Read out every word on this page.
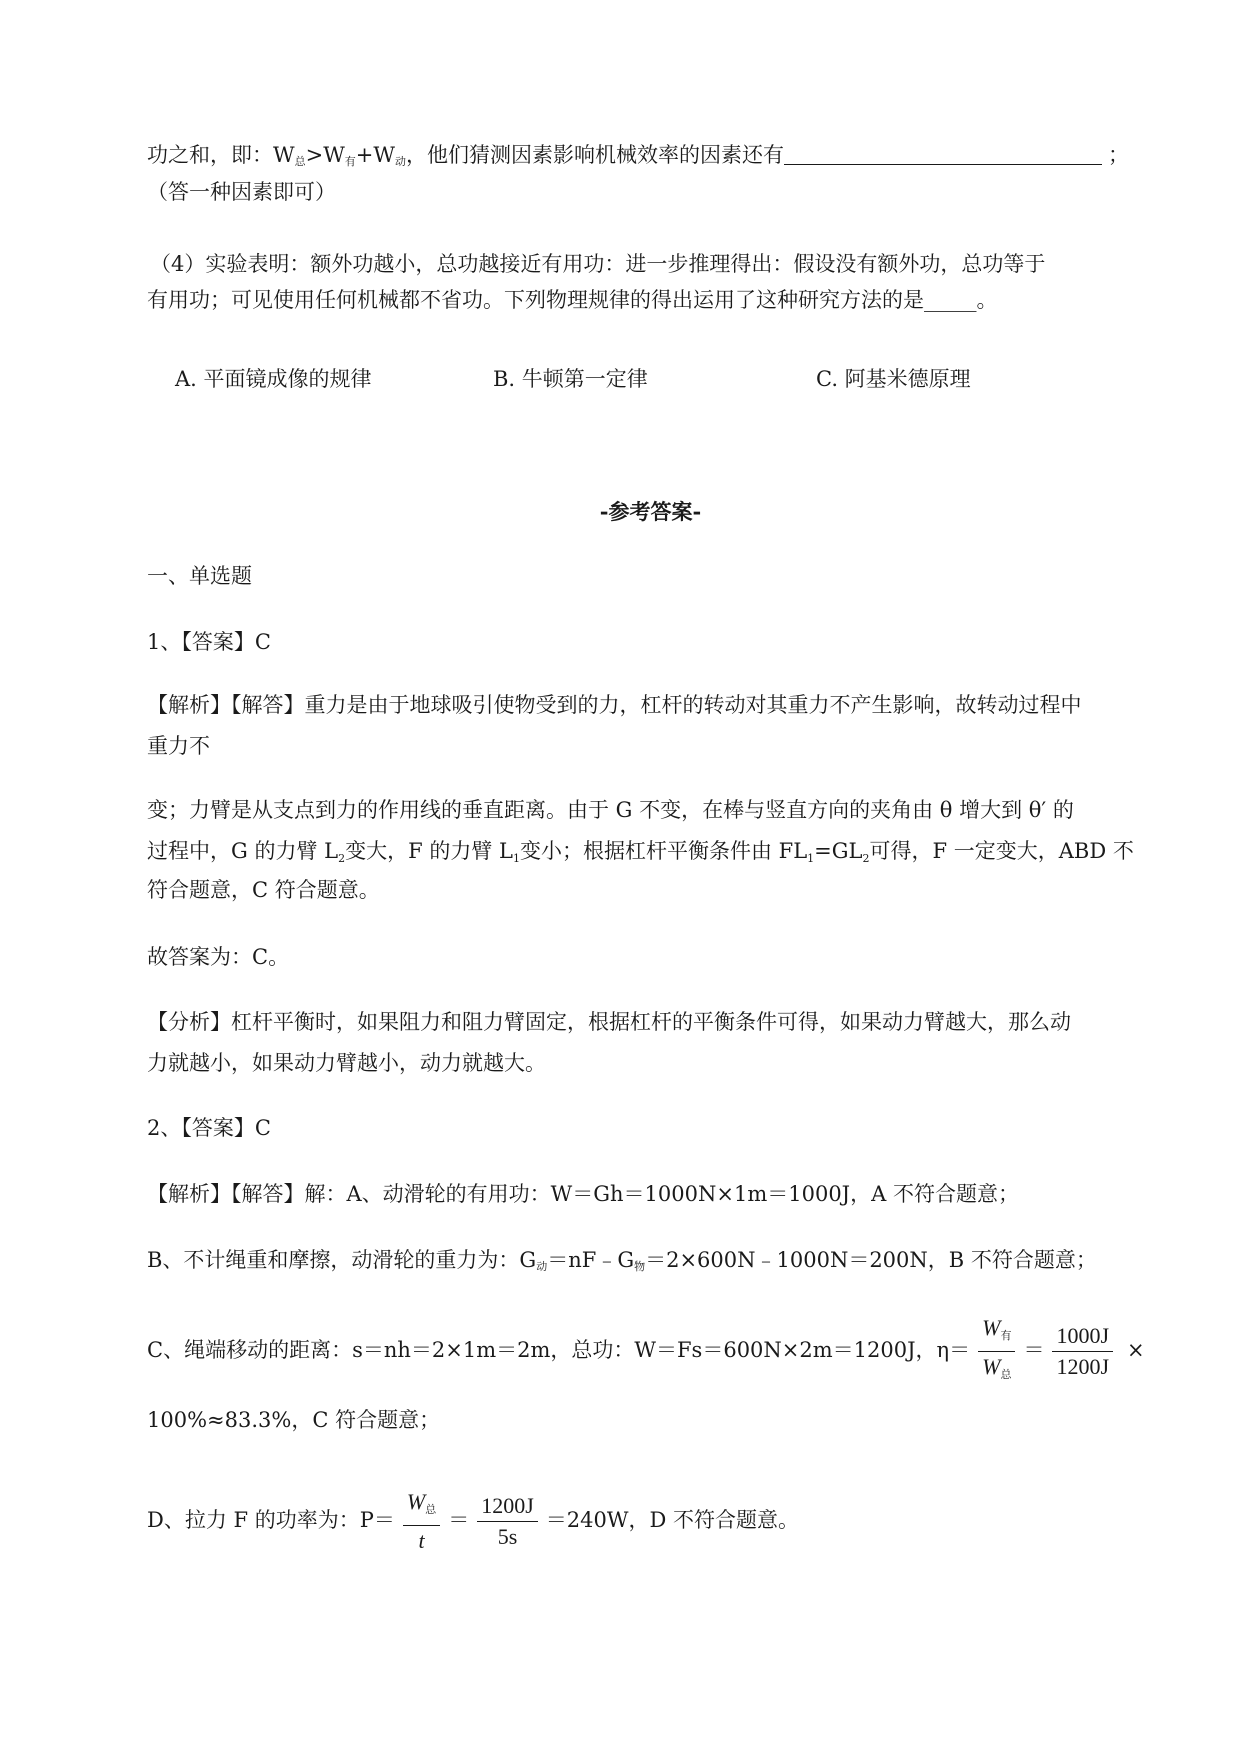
功之和，即：W总>W有+W动，他们猜测因素影响机械效率的因素还有	；
（答一种因素即可）
（4）实验表明：额外功越小，总功越接近有用功：进一步推理得出：假设没有额外功，总功等于
有用功；可见使用任何机械都不省功。下列物理规律的得出运用了这种研究方法的是_____。
A. 平面镜成像的规律	B. 牛顿第一定律	C. 阿基米德原理
-参考答案-
一、单选题
1、【答案】C
【解析】【解答】重力是由于地球吸引使物受到的力，杠杆的转动对其重力不产生影响，故转动过程中
重力不
变；力臂是从支点到力的作用线的垂直距离。由于 G 不变，在棒与竖直方向的夹角由 θ 增大到 θ′ 的
过程中，G 的力臂 $L_2$变大，F 的力臂 $L_1$变小；根据杠杆平衡条件由 $FL_1=GL_2$可得，F 一定变大，ABD 不
符合题意，C 符合题意。
故答案为：C。
【分析】杠杆平衡时，如果阻力和阻力臂固定，根据杠杆的平衡条件可得，如果动力臂越大，那么动
力就越小，如果动力臂越小，动力就越大。
2、【答案】C
【解析】【解答】解：A、动滑轮的有用功：W＝Gh＝1000N×1m＝1000J，A 不符合题意；
B、不计绳重和摩擦，动滑轮的重力为：G动＝nF﹣G物＝2×600N﹣1000N＝200N，B 不符合题意；
C、绳端移动的距离：s＝nh＝2×1m＝2m，总功：W＝Fs＝600N×2m＝1200J，$\eta= \frac{\text{W有}}{\text{W总}} = \frac{1000J}{1200J}$ ×
100%≈83.3%，C 符合题意；
D、拉力 F 的功率为：$P= \frac{\text{W总}}{t} = \frac{1200J}{5s} =240W$，D 不符合题意。
